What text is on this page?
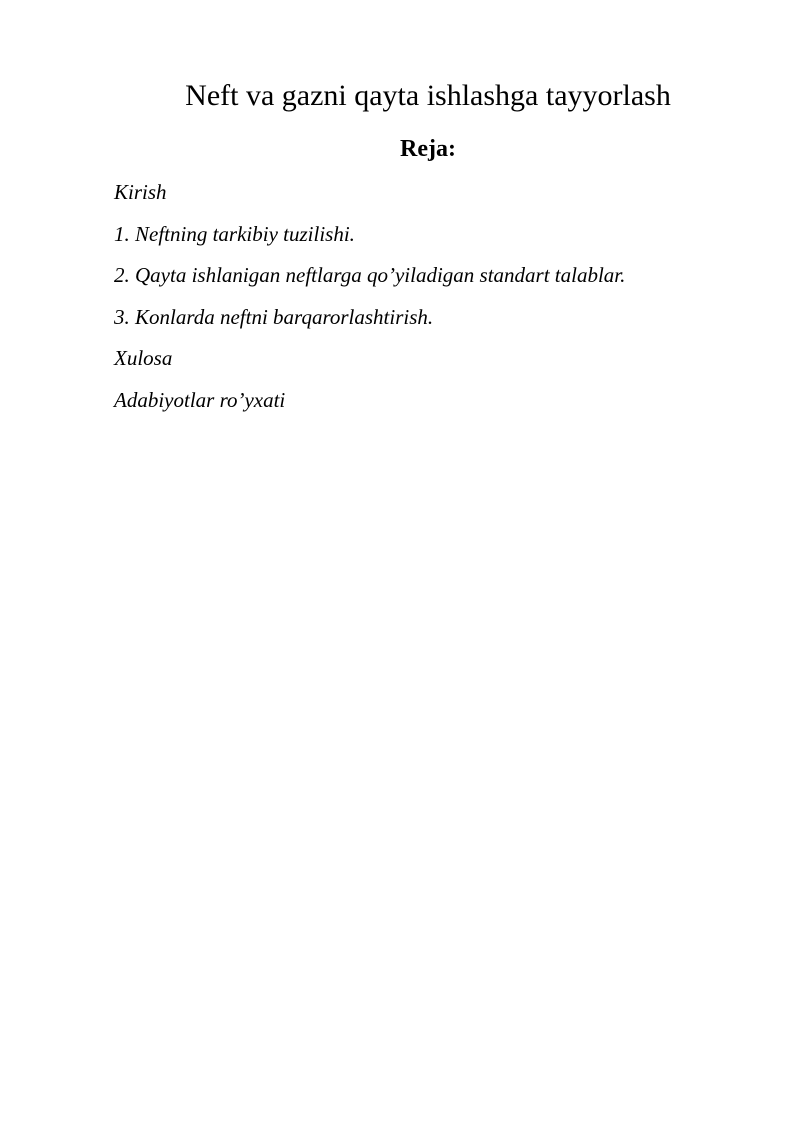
Neft va gazni qayta ishlashga tayyorlash
Reja:
Kirish
1. Neftning tarkibiy tuzilishi.
2. Qayta ishlanigan neftlarga qo’yiladigan standart talablar.
3. Konlarda neftni barqarorlashtirish.
Xulosa
Adabiyotlar ro’yxati
